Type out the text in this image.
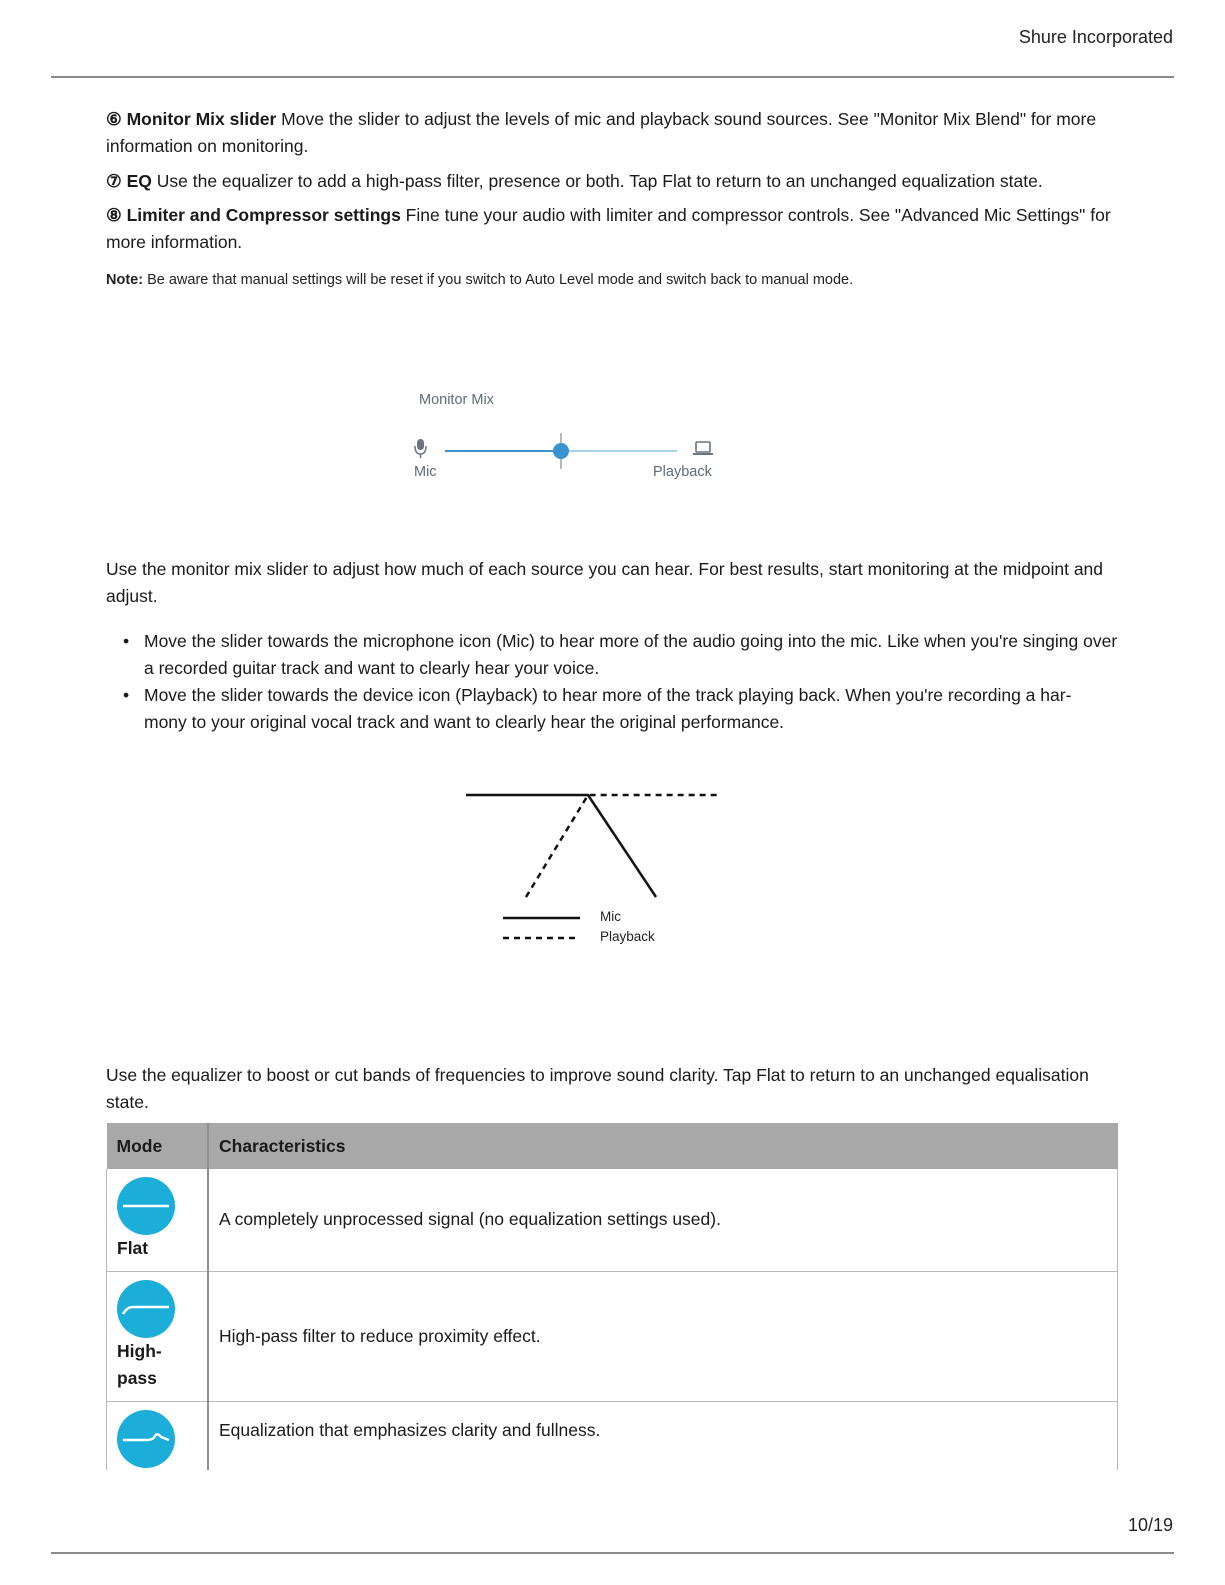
Shure Incorporated

⑥ Monitor Mix slider Move the slider to adjust the levels of mic and playback sound sources. See "Monitor Mix Blend" for more information on monitoring.

⑦ EQ Use the equalizer to add a high-pass filter, presence or both. Tap Flat to return to an unchanged equalization state.

⑧ Limiter and Compressor settings Fine tune your audio with limiter and compressor controls. See "Advanced Mic Settings" for more information.

Note: Be aware that manual settings will be reset if you switch to Auto Level mode and switch back to manual mode.
Monitor Mix
Mic	Playback

Use the monitor mix slider to adjust how much of each source you can hear. For best results, start monitoring at the midpoint and adjust.

• Move the slider towards the microphone icon (Mic) to hear more of the audio going into the mic. Like when you're singing over a recorded guitar track and want to clearly hear your voice.
• Move the slider towards the device icon (Playback) to hear more of the track playing back. When you're recording a har- mony to your original vocal track and want to clearly hear the original performance.
Mic
Playback

Use the equalizer to boost or cut bands of frequencies to improve sound clarity. Tap Flat to return to an unchanged equalisation state.

Mode	Characteristics

Flat	A completely unprocessed signal (no equalization settings used).

High-
pass	High-pass filter to reduce proximity effect.

	Equalization that emphasizes clarity and fullness.
10/19
